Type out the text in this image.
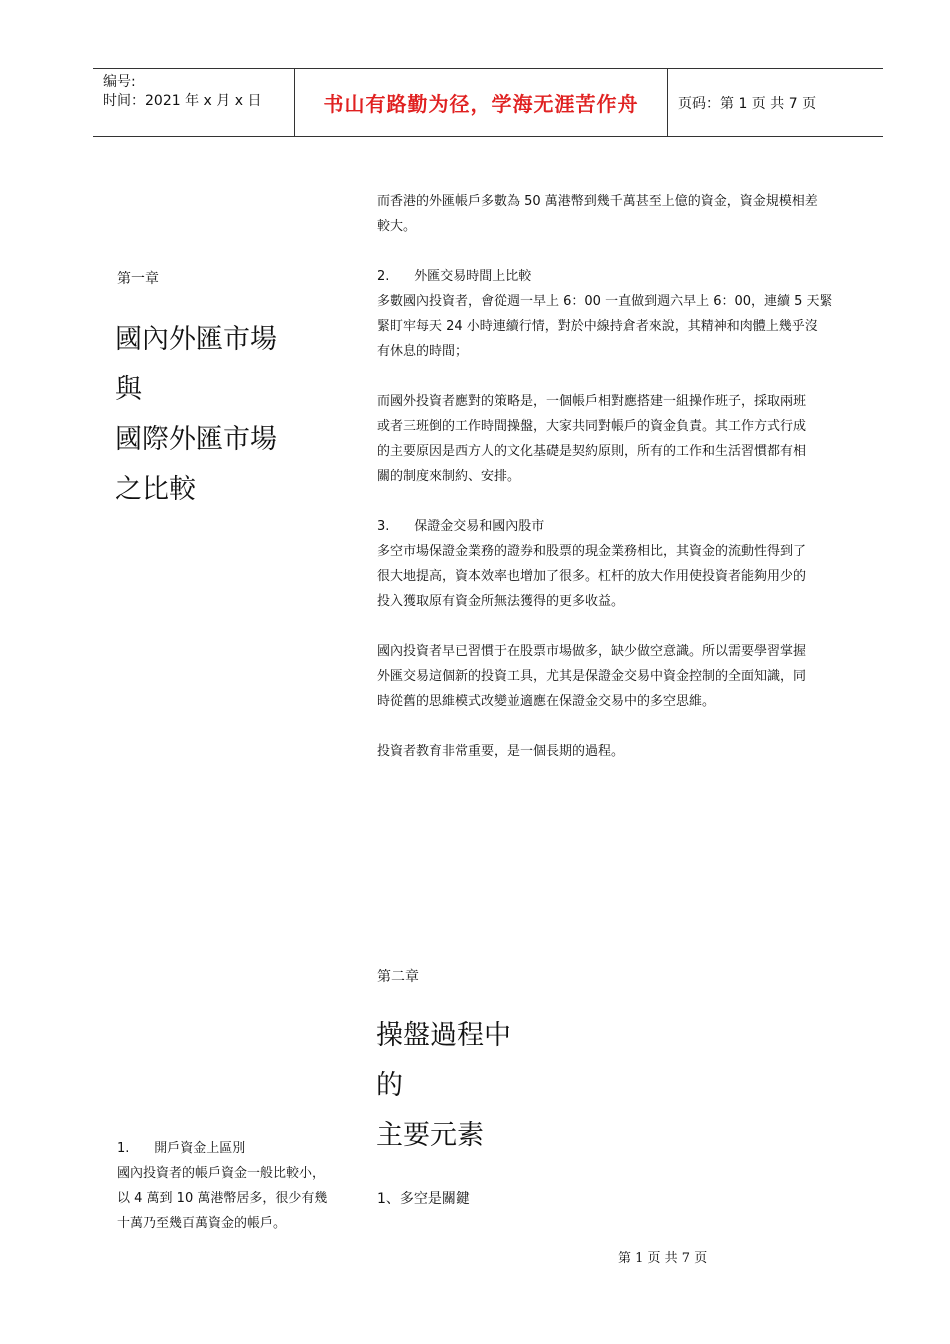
编号:
时间：2021 年 x 月 x 日	书山有路勤为径，学海无涯苦作舟	页码：第 1 页 共 7 页
第一章
國內外匯市場
與
國際外匯市場
之比較
1.      開戶資金上區別
國內投資者的帳戶資金一般比較小，
以 4 萬到 10 萬港幣居多，很少有幾
十萬乃至幾百萬資金的帳戶。
而香港的外匯帳戶多數為 50 萬港幣到幾千萬甚至上億的資金，資金規模相差
較大。
2.      外匯交易時間上比較
多數國內投資者，會從週一早上 6：00 一直做到週六早上 6：00，連續 5 天緊
緊盯牢每天 24 小時連續行情，對於中線持倉者來說，其精神和肉體上幾乎沒
有休息的時間；
而國外投資者應對的策略是，一個帳戶相對應搭建一組操作班子，採取兩班
或者三班倒的工作時間操盤，大家共同對帳戶的資金負責。其工作方式行成
的主要原因是西方人的文化基礎是契約原則，所有的工作和生活習慣都有相
關的制度來制約、安排。
3.      保證金交易和國內股市
多空市場保證金業務的證券和股票的現金業務相比，其資金的流動性得到了
很大地提高，資本效率也增加了很多。杠杆的放大作用使投資者能夠用少的
投入獲取原有資金所無法獲得的更多收益。
國內投資者早已習慣于在股票市場做多，缺少做空意識。所以需要學習掌握
外匯交易這個新的投資工具，尤其是保證金交易中資金控制的全面知識，同
時從舊的思維模式改變並適應在保證金交易中的多空思維。
投資者教育非常重要，是一個長期的過程。
第二章
操盤過程中
的
主要元素
1、多空是關鍵
第 1 页 共 7 页
